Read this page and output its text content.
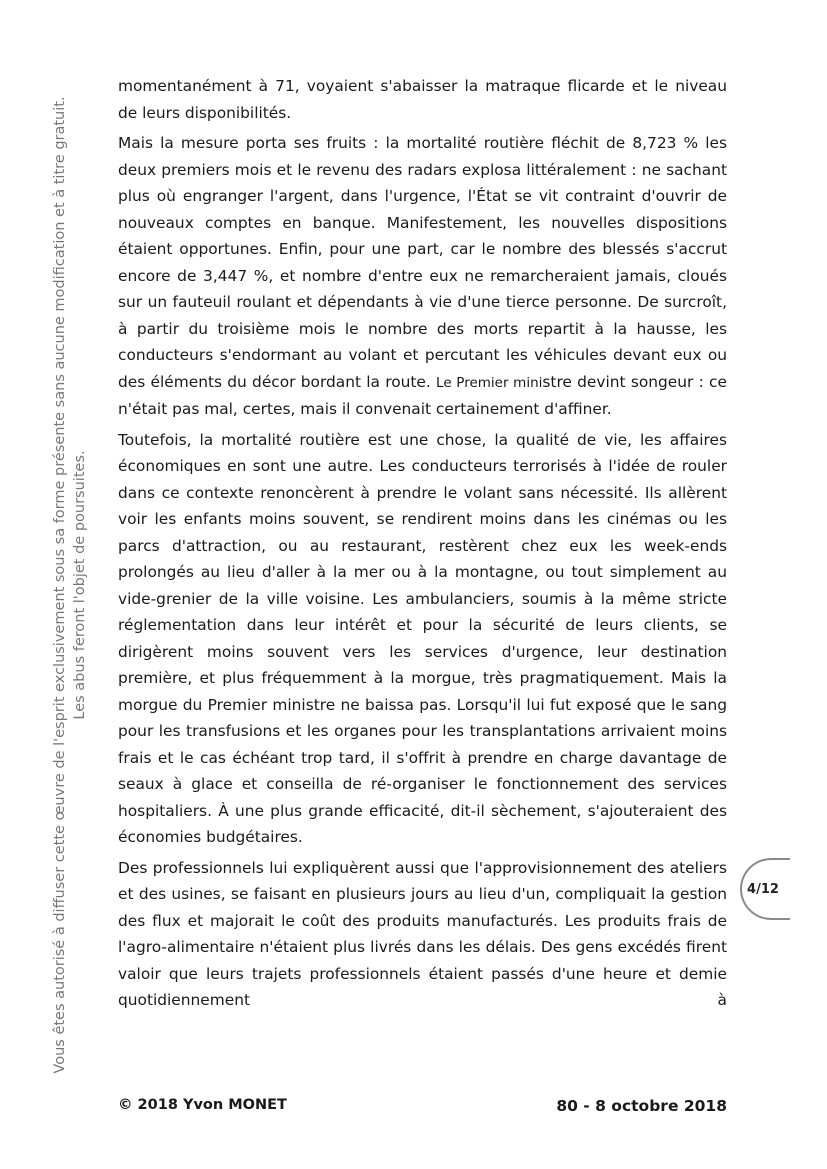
Vous êtes autorisé à diffuser cette œuvre de l'esprit exclusivement sous sa forme présente sans aucune modification et à titre gratuit. Les abus feront l'objet de poursuites.

momentanément à 71, voyaient s'abaisser la matraque flicarde et le niveau de leurs disponibilités.

Mais la mesure porta ses fruits : la mortalité routière fléchit de 8,723 % les deux premiers mois et le revenu des radars explosa littéralement : ne sachant plus où engranger l'argent, dans l'urgence, l'État se vit contraint d'ouvrir de nouveaux comptes en banque. Manifestement, les nouvelles dispositions étaient opportunes. Enfin, pour une part, car le nombre des blessés s'accrut encore de 3,447 %, et nombre d'entre eux ne remarcheraient jamais, cloués sur un fauteuil roulant et dépendants à vie d'une tierce personne. De surcroît, à partir du troisième mois le nombre des morts repartit à la hausse, les conducteurs s'endormant au volant et percutant les véhicules devant eux ou des éléments du décor bordant la route. Le Premier ministre devint songeur : ce n'était pas mal, certes, mais il convenait certainement d'affiner.

Toutefois, la mortalité routière est une chose, la qualité de vie, les affaires économiques en sont une autre. Les conducteurs terrorisés à l'idée de rouler dans ce contexte renoncèrent à prendre le volant sans nécessité. Ils allèrent voir les enfants moins souvent, se rendirent moins dans les cinémas ou les parcs d'attraction, ou au restaurant, restèrent chez eux les week-ends prolongés au lieu d'aller à la mer ou à la montagne, ou tout simplement au vide-grenier de la ville voisine. Les ambulanciers, soumis à la même stricte réglementation dans leur intérêt et pour la sécurité de leurs clients, se dirigèrent moins souvent vers les services d'urgence, leur destination première, et plus fréquemment à la morgue, très pragmatiquement. Mais la morgue du Premier ministre ne baissa pas. Lorsqu'il lui fut exposé que le sang pour les transfusions et les organes pour les transplantations arrivaient moins frais et le cas échéant trop tard, il s'offrit à prendre en charge davantage de seaux à glace et conseilla de ré-organiser le fonctionnement des services hospitaliers. À une plus grande efficacité, dit-il sèchement, s'ajouteraient des économies budgétaires.

Des professionnels lui expliquèrent aussi que l'approvisionnement des ateliers et des usines, se faisant en plusieurs jours au lieu d'un, compliquait la gestion des flux et majorait le coût des produits manufacturés. Les produits frais de l'agro-alimentaire n'étaient plus livrés dans les délais. Des gens excédés firent valoir que leurs trajets professionnels étaient passés d'une heure et demie quotidiennement à

4/12
© 2018 Yvon MONET	80 - 8 octobre 2018
